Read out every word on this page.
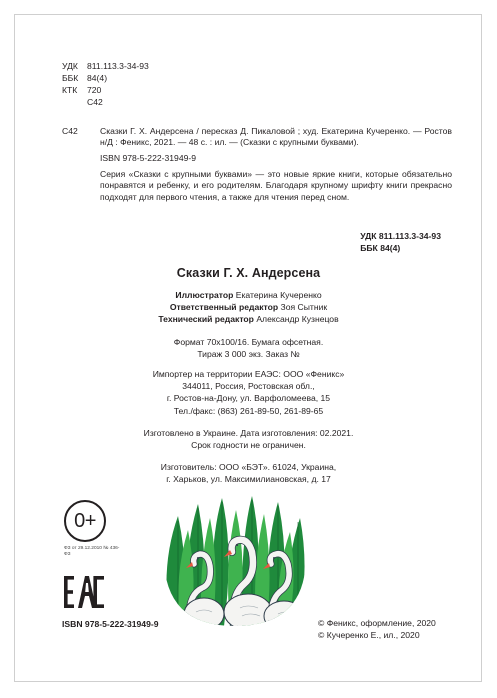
УДК	811.113.3-34-93
ББК	84(4)
КТК	720
С42
С42	Сказки Г. Х. Андерсена / пересказ Д. Пикаловой ; худ. Екатерина Кучеренко. — Ростов н/Д : Феникс, 2021. — 48 с. : ил. — (Сказки с крупными буквами).
ISBN 978-5-222-31949-9
Серия «Сказки с крупными буквами» — это новые яркие книги, которые обязательно понравятся и ребенку, и его родителям. Благодаря крупному шрифту книги прекрасно подходят для первого чтения, а также для чтения перед сном.
УДК 811.113.3-34-93
ББК 84(4)
Сказки Г. Х. Андерсена
Иллюстратор Екатерина Кучеренко
Ответственный редактор Зоя Сытник
Технический редактор Александр Кузнецов
Формат 70х100/16. Бумага офсетная.
Тираж 3 000 экз. Заказ №
Импортер на территории ЕАЭС: ООО «Феникс»
344011, Россия, Ростовская обл.,
г. Ростов-на-Дону, ул. Варфоломеева, 15
Тел./факс: (863) 261-89-50, 261-89-65
Изготовлено в Украине. Дата изготовления: 02.2021.
Срок годности не ограничен.
Изготовитель: ООО «БЭТ». 61024, Украина,
г. Харьков, ул. Максимилиановская, д. 17
0+
ФЗ от 29.12.2010 № 436-ФЗ
ISBN 978-5-222-31949-9	© Феникс, оформление, 2020
© Кучеренко Е., ил., 2020
